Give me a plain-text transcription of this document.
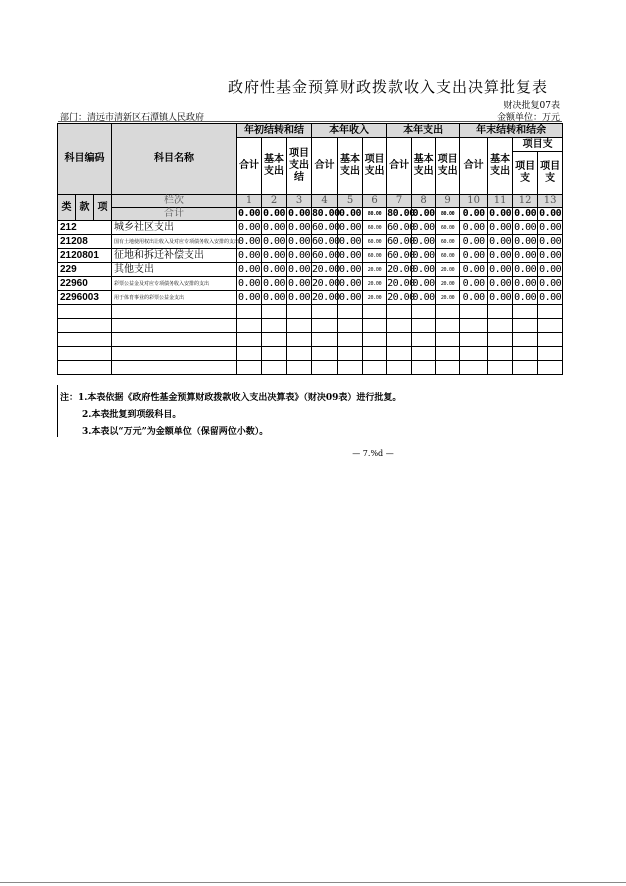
政府性基金预算财政拨款收入支出决算批复表
财决批复07表
部门：清远市清新区石潭镇人民政府	金额单位：万元
科目编码			科目名称	年初结转和结			本年收入			本年支出			年末结转和结余			
				合计	基本支出	项目支出结	合计	基本支出	项目支出	合计	基本支出	项目支出	合计	基本支出	项目支	
															项目支	项目支

类	款	项	栏次	1	2	3	4	5	6	7	8	9	10	11	12	13
			合计	0.00	0.00	0.00	80.00	0.00	80.00	80.00	0.00	80.00	0.00	0.00	0.00	0.00
212			城乡社区支出	0.00	0.00	0.00	60.00	0.00	60.00	60.00	0.00	60.00	0.00	0.00	0.00	0.00
21208			国有土地使用权出让收入及对应专项债务收入安排的支出	0.00	0.00	0.00	60.00	0.00	60.00	60.00	0.00	60.00	0.00	0.00	0.00	0.00
2120801			征地和拆迁补偿支出	0.00	0.00	0.00	60.00	0.00	60.00	60.00	0.00	60.00	0.00	0.00	0.00	0.00
229			其他支出	0.00	0.00	0.00	20.00	0.00	20.00	20.00	0.00	20.00	0.00	0.00	0.00	0.00
22960			彩票公益金及对应专项债务收入安排的支出	0.00	0.00	0.00	20.00	0.00	20.00	20.00	0.00	20.00	0.00	0.00	0.00	0.00
2296003			用于体育事业的彩票公益金支出	0.00	0.00	0.00	20.00	0.00	20.00	20.00	0.00	20.00	0.00	0.00	0.00	0.00

注：1.本表依据《政府性基金预算财政拨款收入支出决算表》（财决09表）进行批复。
2.本表批复到项级科目。
3.本表以“万元”为金额单位（保留两位小数）。
— 7.%d —
